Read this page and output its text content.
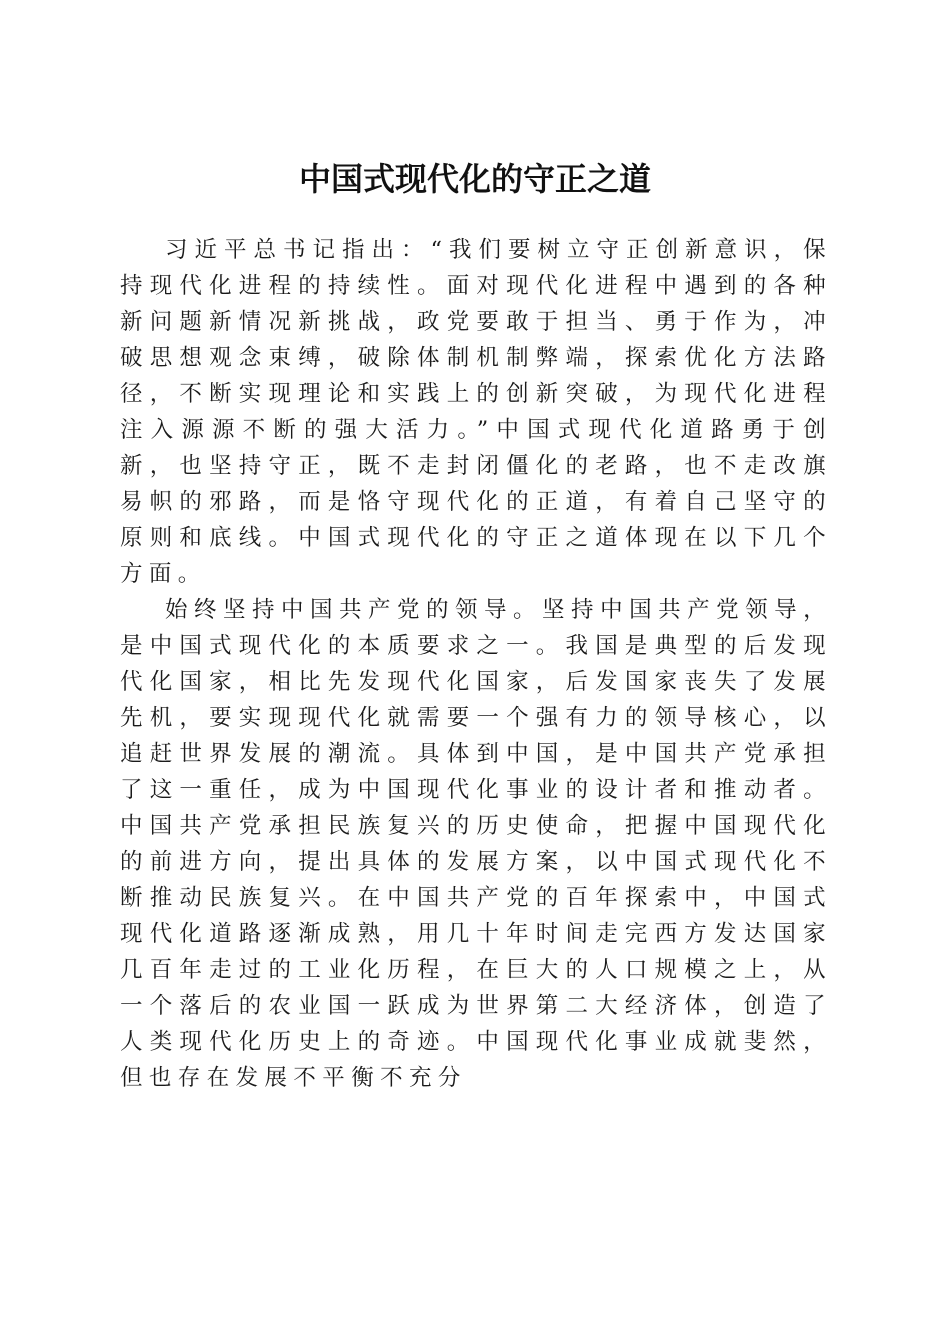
中国式现代化的守正之道

习近平总书记指出：“我们要树立守正创新意识，保持现代化进程的持续性。面对现代化进程中遇到的各种新问题新情况新挑战，政党要敢于担当、勇于作为，冲破思想观念束缚，破除体制机制弊端，探索优化方法路径，不断实现理论和实践上的创新突破，为现代化进程注入源源不断的强大活力。”中国式现代化道路勇于创新，也坚持守正，既不走封闭僵化的老路，也不走改旗易帜的邪路，而是恪守现代化的正道，有着自己坚守的原则和底线。中国式现代化的守正之道体现在以下几个方面。

始终坚持中国共产党的领导。坚持中国共产党领导，是中国式现代化的本质要求之一。我国是典型的后发现代化国家，相比先发现代化国家，后发国家丧失了发展先机，要实现现代化就需要一个强有力的领导核心，以追赶世界发展的潮流。具体到中国，是中国共产党承担了这一重任，成为中国现代化事业的设计者和推动者。中国共产党承担民族复兴的历史使命，把握中国现代化的前进方向，提出具体的发展方案，以中国式现代化不断推动民族复兴。在中国共产党的百年探索中，中国式现代化道路逐渐成熟，用几十年时间走完西方发达国家几百年走过的工业化历程，在巨大的人口规模之上，从一个落后的农业国一跃成为世界第二大经济体，创造了人类现代化历史上的奇迹。中国现代化事业成就斐然，但也存在发展不平衡不充分
